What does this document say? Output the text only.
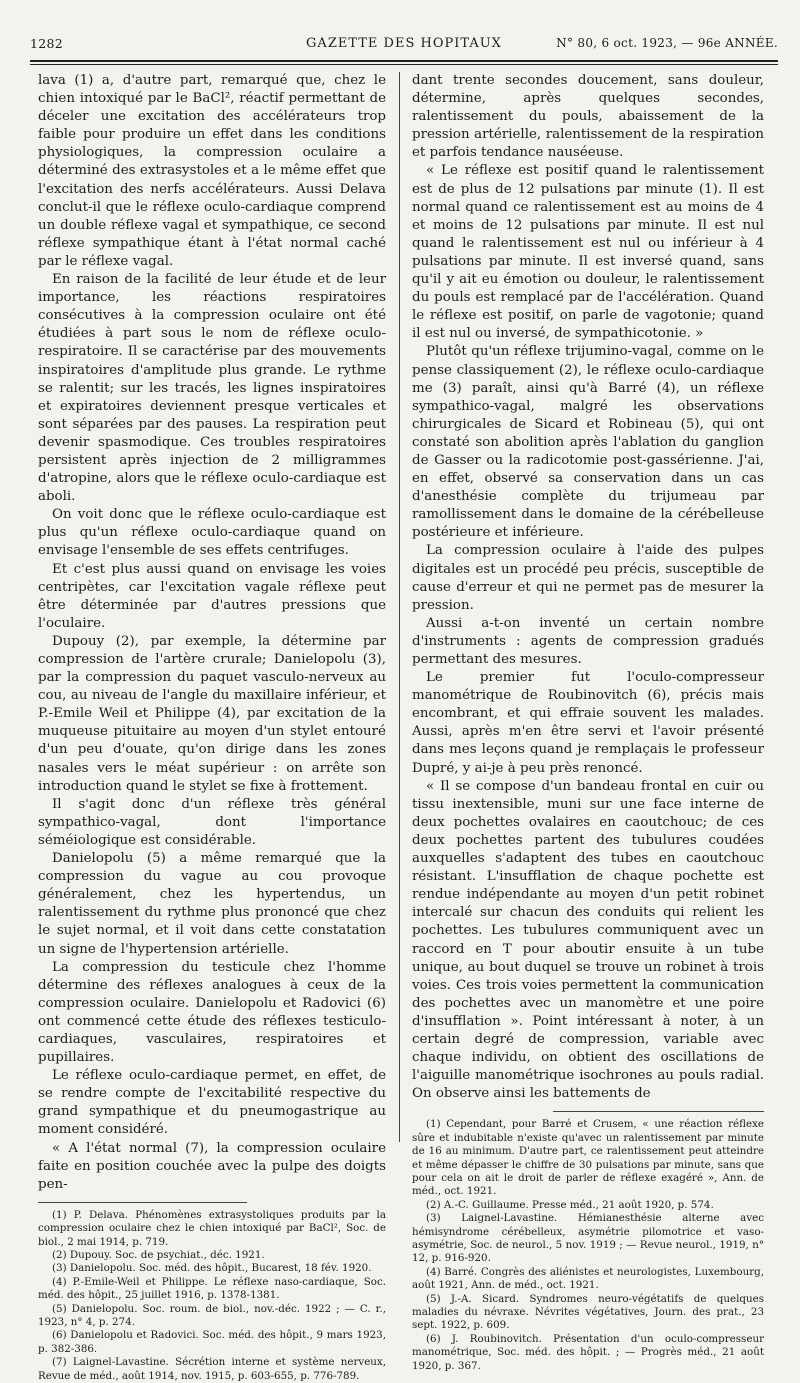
1282	GAZETTE DES HOPITAUX	N° 80, 6 oct. 1923, — 96e ANNÉE.

lava (1) a, d'autre part, remarqué que, chez le chien intoxiqué par le BaCl², réactif permettant de déceler une excitation des accélérateurs trop faible pour produire un effet dans les conditions physiologiques, la compression oculaire a déterminé des extrasystoles et a le même effet que l'excitation des nerfs accélérateurs. Aussi Delava conclut-il que le réflexe oculo-cardiaque comprend un double réflexe vagal et sympathique, ce second réflexe sympathique étant à l'état normal caché par le réflexe vagal.

En raison de la facilité de leur étude et de leur importance, les réactions respiratoires consécutives à la compression oculaire ont été étudiées à part sous le nom de réflexe oculo-respiratoire. Il se caractérise par des mouvements inspiratoires d'amplitude plus grande. Le rythme se ralentit; sur les tracés, les lignes inspiratoires et expiratoires deviennent presque verticales et sont séparées par des pauses. La respiration peut devenir spasmodique. Ces troubles respiratoires persistent après injection de 2 milligrammes d'atropine, alors que le réflexe oculo-cardiaque est aboli.

On voit donc que le réflexe oculo-cardiaque est plus qu'un réflexe oculo-cardiaque quand on envisage l'ensemble de ses effets centrifuges.

Et c'est plus aussi quand on envisage les voies centripètes, car l'excitation vagale réflexe peut être déterminée par d'autres pressions que l'oculaire.

Dupouy (2), par exemple, la détermine par compression de l'artère crurale; Danielopolu (3), par la compression du paquet vasculo-nerveux au cou, au niveau de l'angle du maxillaire inférieur, et P.-Emile Weil et Philippe (4), par excitation de la muqueuse pituitaire au moyen d'un stylet entouré d'un peu d'ouate, qu'on dirige dans les zones nasales vers le méat supérieur : on arrête son introduction quand le stylet se fixe à frottement.

Il s'agit donc d'un réflexe très général sympathico-vagal, dont l'importance séméiologique est considérable.

Danielopolu (5) a même remarqué que la compression du vague au cou provoque généralement, chez les hypertendus, un ralentissement du rythme plus prononcé que chez le sujet normal, et il voit dans cette constatation un signe de l'hypertension artérielle.

La compression du testicule chez l'homme détermine des réflexes analogues à ceux de la compression oculaire. Danielopolu et Radovici (6) ont commencé cette étude des réflexes testiculo-cardiaques, vasculaires, respiratoires et pupillaires.

Le réflexe oculo-cardiaque permet, en effet, de se rendre compte de l'excitabilité respective du grand sympathique et du pneumogastrique au moment considéré.

« A l'état normal (7), la compression oculaire faite en position couchée avec la pulpe des doigts pen-

(1) P. Delava. Phénomènes extrasystoliques produits par la compression oculaire chez le chien intoxiqué par BaCl², Soc. de biol., 2 mai 1914, p. 719.
(2) Dupouy. Soc. de psychiat., déc. 1921.
(3) Danielopolu. Soc. méd. des hôpit., Bucarest, 18 fév. 1920.
(4) P.-Emile-Weil et Philippe. Le réflexe naso-cardiaque, Soc. méd. des hôpit., 25 juillet 1916, p. 1378-1381.
(5) Danielopolu. Soc. roum. de biol., nov.-déc. 1922 ; — C. r., 1923, n° 4, p. 274.
(6) Danielopolu et Radovici. Soc. méd. des hôpit., 9 mars 1923, p. 382-386.
(7) Laignel-Lavastine. Sécrétion interne et système nerveux, Revue de méd., août 1914, nov. 1915, p. 603-655, p. 776-789.

dant trente secondes doucement, sans douleur, détermine, après quelques secondes, ralentissement du pouls, abaissement de la pression artérielle, ralentissement de la respiration et parfois tendance nauséeuse.

« Le réflexe est positif quand le ralentissement est de plus de 12 pulsations par minute (1). Il est normal quand ce ralentissement est au moins de 4 et moins de 12 pulsations par minute. Il est nul quand le ralentissement est nul ou inférieur à 4 pulsations par minute. Il est inversé quand, sans qu'il y ait eu émotion ou douleur, le ralentissement du pouls est remplacé par de l'accélération. Quand le réflexe est positif, on parle de vagotonie; quand il est nul ou inversé, de sympathicotonie. »

Plutôt qu'un réflexe trijumino-vagal, comme on le pense classiquement (2), le réflexe oculo-cardiaque me (3) paraît, ainsi qu'à Barré (4), un réflexe sympathico-vagal, malgré les observations chirurgicales de Sicard et Robineau (5), qui ont constaté son abolition après l'ablation du ganglion de Gasser ou la radicotomie post-gassérienne. J'ai, en effet, observé sa conservation dans un cas d'anesthésie complète du trijumeau par ramollissement dans le domaine de la cérébelleuse postérieure et inférieure.

La compression oculaire à l'aide des pulpes digitales est un procédé peu précis, susceptible de cause d'erreur et qui ne permet pas de mesurer la pression.

Aussi a-t-on inventé un certain nombre d'instruments : agents de compression gradués permettant des mesures.

Le premier fut l'oculo-compresseur manométrique de Roubinovitch (6), précis mais encombrant, et qui effraie souvent les malades. Aussi, après m'en être servi et l'avoir présenté dans mes leçons quand je remplaçais le professeur Dupré, y ai-je à peu près renoncé.

« Il se compose d'un bandeau frontal en cuir ou tissu inextensible, muni sur une face interne de deux pochettes ovalaires en caoutchouc; de ces deux pochettes partent des tubulures coudées auxquelles s'adaptent des tubes en caoutchouc résistant. L'insufflation de chaque pochette est rendue indépendante au moyen d'un petit robinet intercalé sur chacun des conduits qui relient les pochettes. Les tubulures communiquent avec un raccord en T pour aboutir ensuite à un tube unique, au bout duquel se trouve un robinet à trois voies. Ces trois voies permettent la communication des pochettes avec un manomètre et une poire d'insufflation ». Point intéressant à noter, à un certain degré de compression, variable avec chaque individu, on obtient des oscillations de l'aiguille manométrique isochrones au pouls radial. On observe ainsi les battements de

(1) Cependant, pour Barré et Crusem, « une réaction réflexe sûre et indubitable n'existe qu'avec un ralentissement par minute de 16 au minimum. D'autre part, ce ralentissement peut atteindre et même dépasser le chiffre de 30 pulsations par minute, sans que pour cela on ait le droit de parler de réflexe exagéré », Ann. de méd., oct. 1921.
(2) A.-C. Guillaume. Presse méd., 21 août 1920, p. 574.
(3) Laignel-Lavastine. Hémianesthésie alterne avec hémisyndrome cérébelleux, asymétrie pilomotrice et vaso-asymétrie, Soc. de neurol., 5 nov. 1919 ; — Revue neurol., 1919, n° 12, p. 916-920.
(4) Barré. Congrès des aliénistes et neurologistes, Luxembourg, août 1921, Ann. de méd., oct. 1921.
(5) J.-A. Sicard. Syndromes neuro-végétatifs de quelques maladies du névraxe. Névrites végétatives, Journ. des prat., 23 sept. 1922, p. 609.
(6) J. Roubinovitch. Présentation d'un oculo-compresseur manométrique, Soc. méd. des hôpit. ; — Progrès méd., 21 août 1920, p. 367.
